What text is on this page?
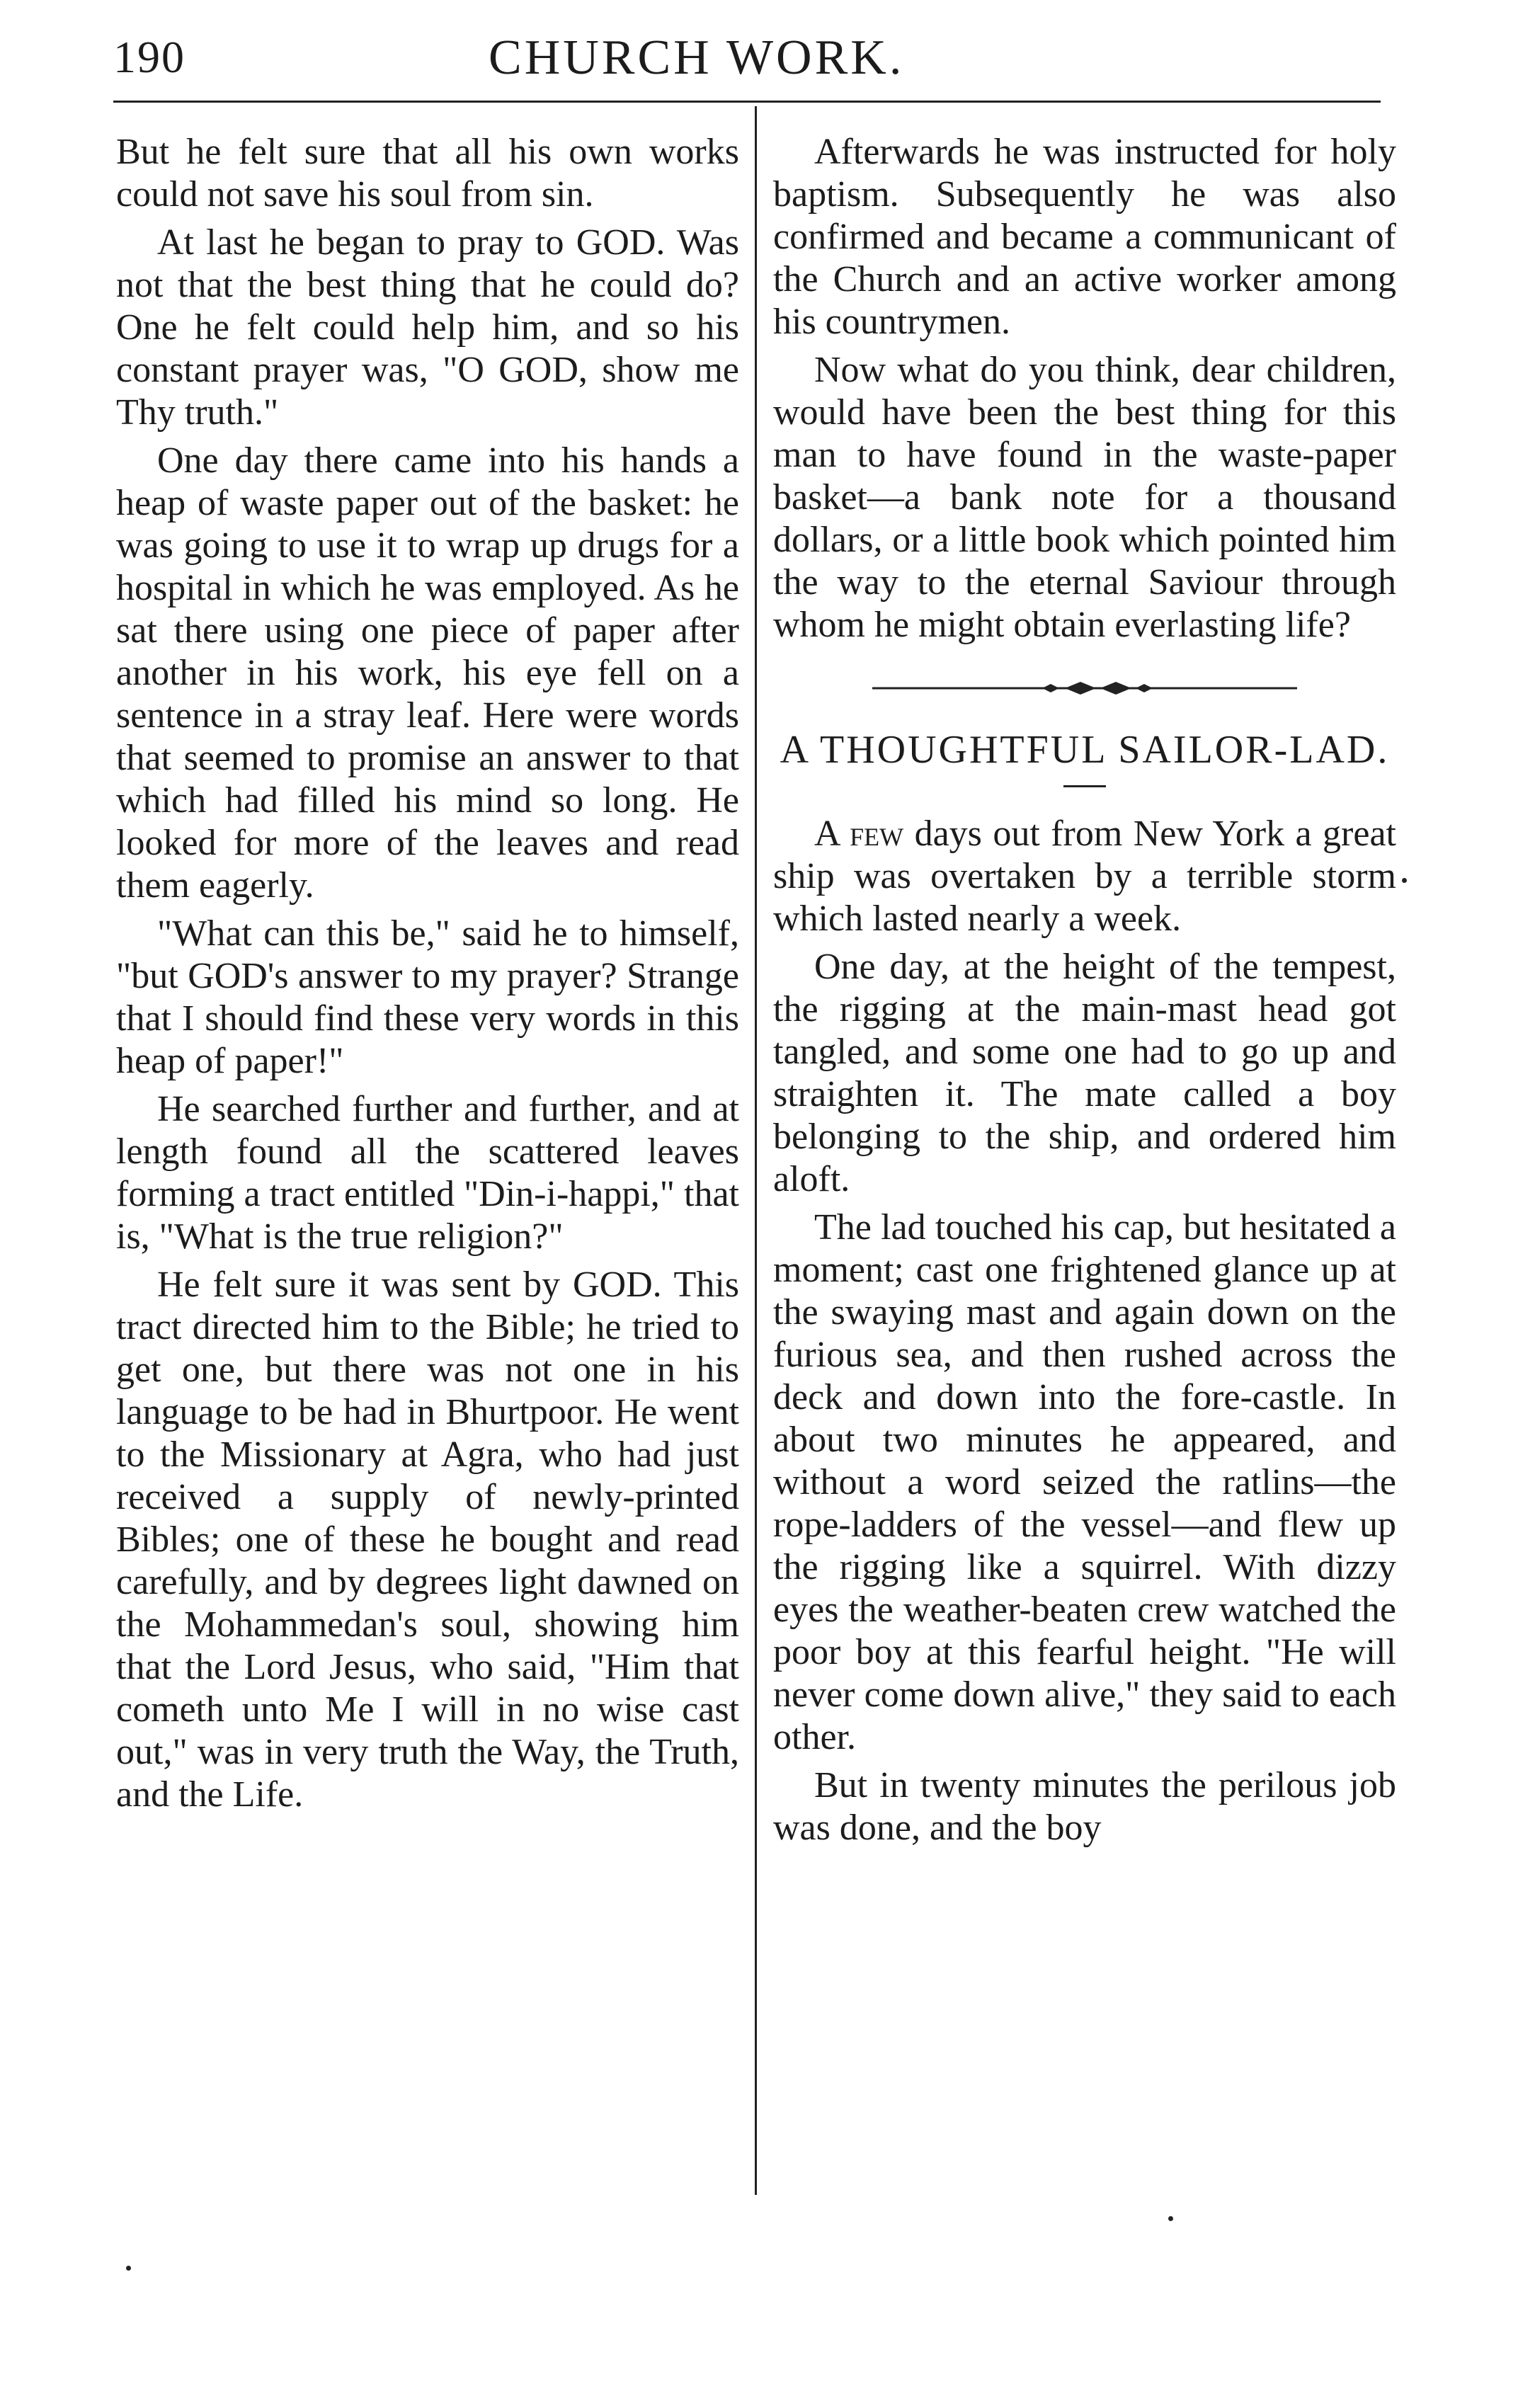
190	CHURCH WORK.

But he felt sure that all his own works could not save his soul from sin.

At last he began to pray to GOD. Was not that the best thing that he could do? One he felt could help him, and so his constant prayer was, "O GOD, show me Thy truth."

One day there came into his hands a heap of waste paper out of the basket: he was going to use it to wrap up drugs for a hospital in which he was employed. As he sat there using one piece of paper after another in his work, his eye fell on a sentence in a stray leaf. Here were words that seemed to promise an answer to that which had filled his mind so long. He looked for more of the leaves and read them eagerly.

"What can this be," said he to himself, "but GOD's answer to my prayer? Strange that I should find these very words in this heap of paper!"

He searched further and further, and at length found all the scattered leaves forming a tract entitled "Din-i-happi," that is, "What is the true religion?"

He felt sure it was sent by GOD. This tract directed him to the Bible; he tried to get one, but there was not one in his language to be had in Bhurtpoor. He went to the Missionary at Agra, who had just received a supply of newly-printed Bibles; one of these he bought and read carefully, and by degrees light dawned on the Mohammedan's soul, showing him that the Lord Jesus, who said, "Him that cometh unto Me I will in no wise cast out," was in very truth the Way, the Truth, and the Life.

Afterwards he was instructed for holy baptism. Subsequently he was also confirmed and became a communicant of the Church and an active worker among his countrymen.

Now what do you think, dear children, would have been the best thing for this man to have found in the waste-paper basket—a bank note for a thousand dollars, or a little book which pointed him the way to the eternal Saviour through whom he might obtain everlasting life?

A THOUGHTFUL SAILOR-LAD.

A few days out from New York a great ship was overtaken by a terrible storm which lasted nearly a week.

One day, at the height of the tempest, the rigging at the main-mast head got tangled, and some one had to go up and straighten it. The mate called a boy belonging to the ship, and ordered him aloft.

The lad touched his cap, but hesitated a moment; cast one frightened glance up at the swaying mast and again down on the furious sea, and then rushed across the deck and down into the fore-castle. In about two minutes he appeared, and without a word seized the ratlins—the rope-ladders of the vessel—and flew up the rigging like a squirrel. With dizzy eyes the weather-beaten crew watched the poor boy at this fearful height. "He will never come down alive," they said to each other.

But in twenty minutes the perilous job was done, and the boy
